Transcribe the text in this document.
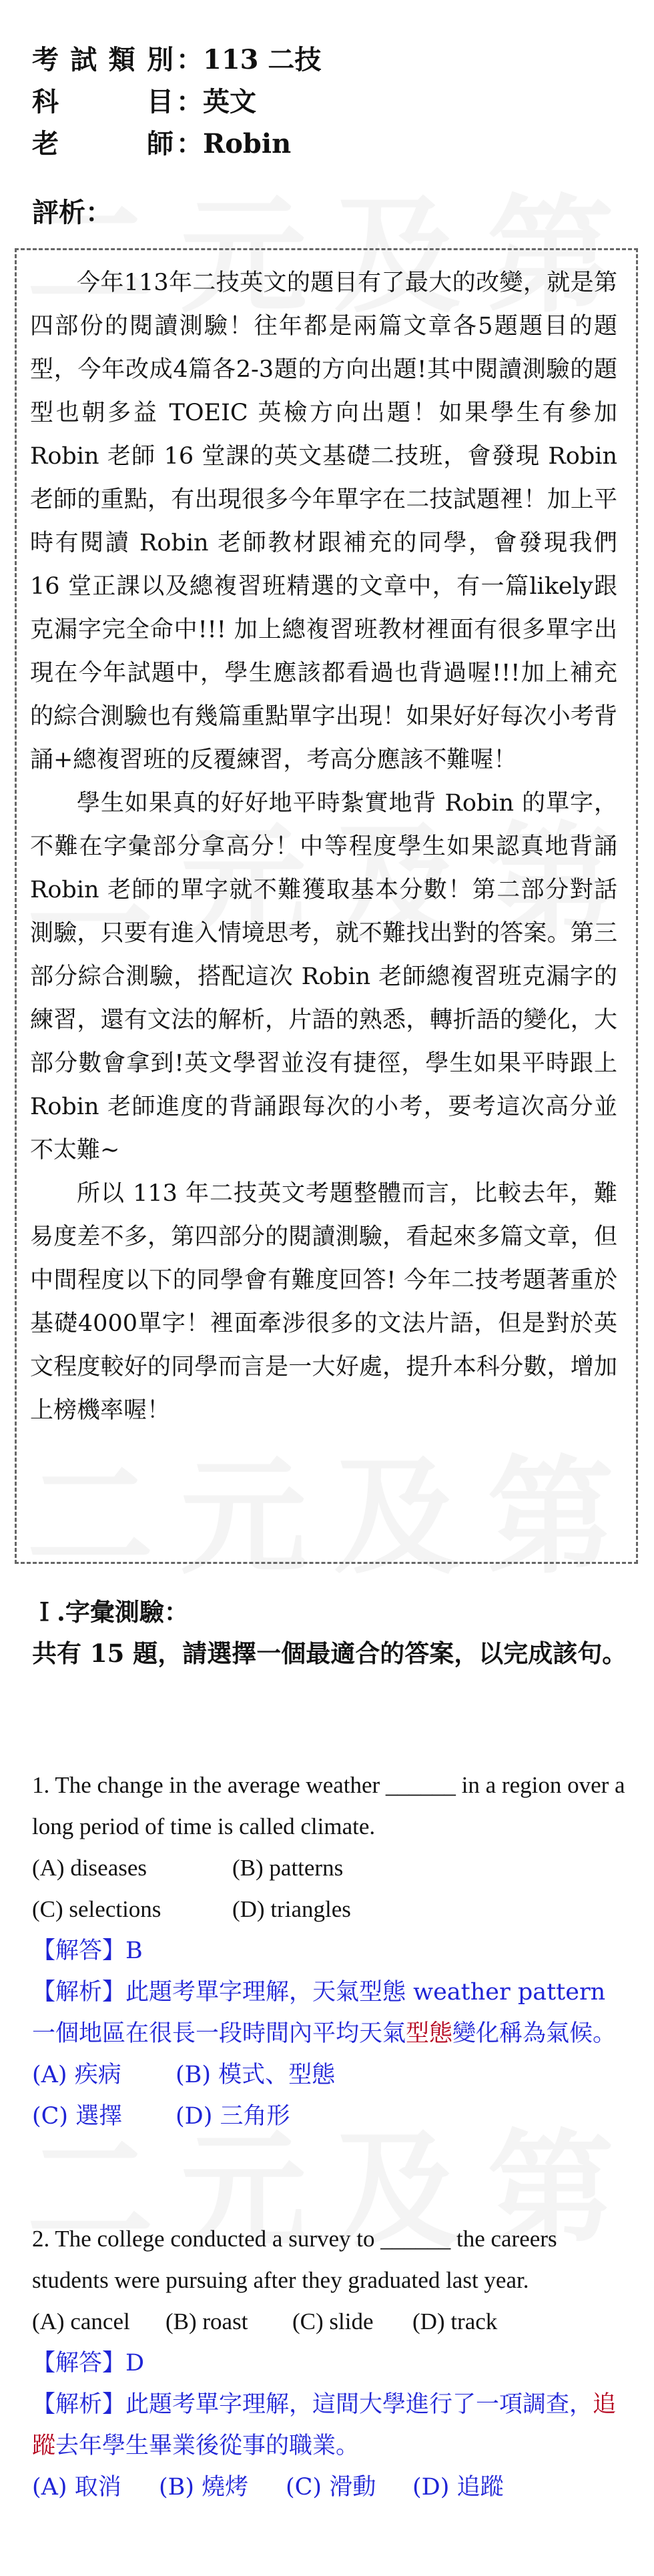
考 試 類 別 ：113 二技
科	目 ：英文
老	師 ：Robin
評析：

今年113年二技英文的題目有了最大的改變，就是第四部份的閱讀測驗！往年都是兩篇文章各5題題目的題型，今年改成4篇各2-3題的方向出題!其中閱讀測驗的題型也朝多益 TOEIC 英檢方向出題！如果學生有參加 Robin 老師 16 堂課的英文基礎二技班，會發現 Robin 老師的重點，有出現很多今年單字在二技試題裡！加上平時有閱讀 Robin 老師教材跟補充的同學，會發現我們 16 堂正課以及總複習班精選的文章中，有一篇likely跟克漏字完全命中!!! 加上總複習班教材裡面有很多單字出現在今年試題中，學生應該都看過也背過喔!!!加上補充的綜合測驗也有幾篇重點單字出現！如果好好每次小考背誦+總複習班的反覆練習，考高分應該不難喔！

學生如果真的好好地平時紮實地背 Robin 的單字，不難在字彙部分拿高分！中等程度學生如果認真地背誦 Robin 老師的單字就不難獲取基本分數！第二部分對話測驗，只要有進入情境思考，就不難找出對的答案。第三部分綜合測驗，搭配這次 Robin 老師總複習班克漏字的練習，還有文法的解析，片語的熟悉，轉折語的變化，大部分數會拿到!英文學習並沒有捷徑，學生如果平時跟上 Robin 老師進度的背誦跟每次的小考，要考這次高分並不太難~

所以 113 年二技英文考題整體而言，比較去年，難易度差不多，第四部分的閱讀測驗，看起來多篇文章，但中間程度以下的同學會有難度回答! 今年二技考題著重於基礎4000單字！裡面牽涉很多的文法片語，但是對於英文程度較好的同學而言是一大好處，提升本科分數，增加上榜機率喔！

Ｉ.字彙測驗：
共有 15 題，請選擇一個最適合的答案，以完成該句。
1. The change in the average weather ______ in a region over a long period of time is called climate.
(A) diseases	(B) patterns
(C) selections	(D) triangles
【解答】B
【解析】此題考單字理解，天氣型態 weather pattern 一個地區在很長一段時間內平均天氣型態變化稱為氣候。
(A) 疾病	(B) 模式、型態
(C) 選擇	(D) 三角形
2. The college conducted a survey to ______ the careers students were pursuing after they graduated last year.
(A) cancel	(B) roast	(C) slide	(D) track
【解答】D
【解析】此題考單字理解，這間大學進行了一項調查，追蹤去年學生畢業後從事的職業。
(A) 取消	(B) 燒烤	(C) 滑動	(D) 追蹤
